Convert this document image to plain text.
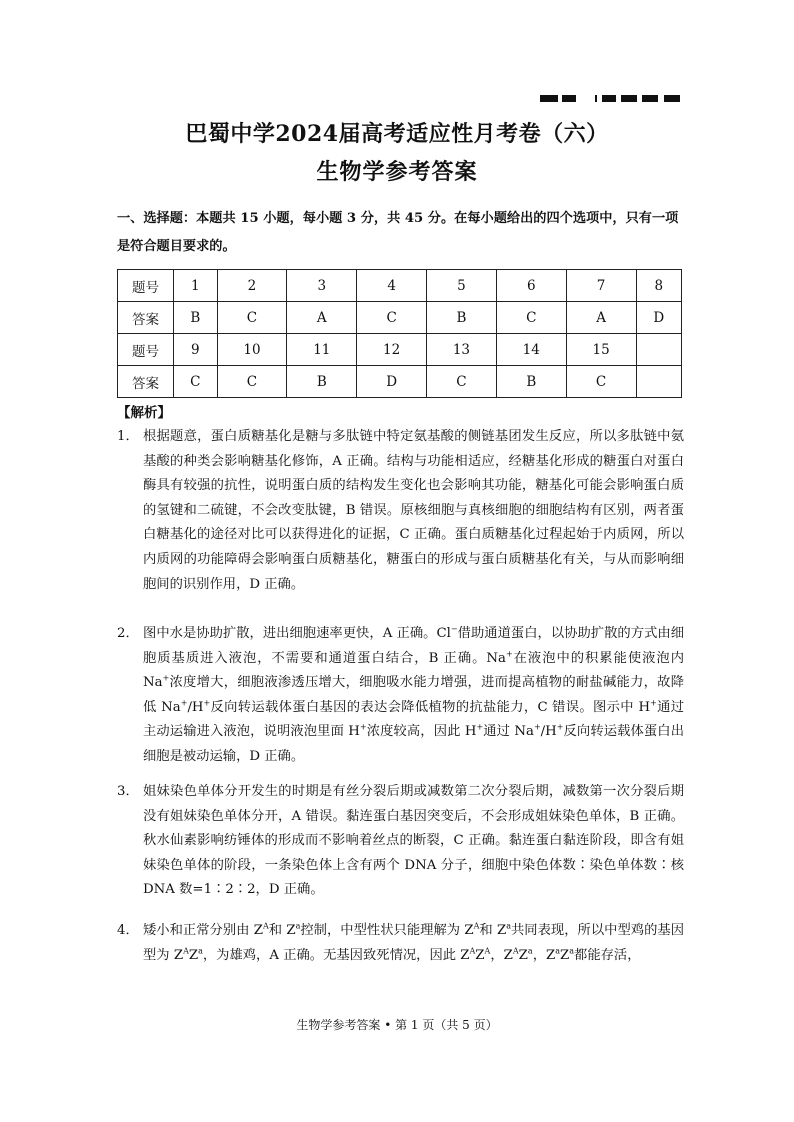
巴蜀中学2024届高考适应性月考卷（六）
生物学参考答案
一、选择题：本题共 15 小题，每小题 3 分，共 45 分。在每小题给出的四个选项中，只有一项是符合题目要求的。
题号	1	2	3	4	5	6	7	8
答案	B	C	A	C	B	C	A	D
题号	9	10	11	12	13	14	15	
答案	C	C	B	D	C	B	C	
【解析】
1． 根据题意，蛋白质糖基化是糖与多肽链中特定氨基酸的侧链基团发生反应，所以多肽链中氨基酸的种类会影响糖基化修饰，A 正确。结构与功能相适应，经糖基化形成的糖蛋白对蛋白酶具有较强的抗性，说明蛋白质的结构发生变化也会影响其功能，糖基化可能会影响蛋白质的氢键和二硫键，不会改变肽键，B 错误。原核细胞与真核细胞的细胞结构有区别，两者蛋白糖基化的途径对比可以获得进化的证据，C 正确。蛋白质糖基化过程起始于内质网，所以内质网的功能障碍会影响蛋白质糖基化，糖蛋白的形成与蛋白质糖基化有关，与从而影响细胞间的识别作用，D 正确。

2． 图中水是协助扩散，进出细胞速率更快，A 正确。Cl−借助通道蛋白，以协助扩散的方式由细胞质基质进入液泡，不需要和通道蛋白结合，B 正确。Na+在液泡中的积累能使液泡内Na+浓度增大，细胞液渗透压增大，细胞吸水能力增强，进而提高植物的耐盐碱能力，故降低 Na+/H+反向转运载体蛋白基因的表达会降低植物的抗盐能力，C 错误。图示中 H+通过主动运输进入液泡，说明液泡里面 H+浓度较高，因此 H+通过 Na+/H+反向转运载体蛋白出细胞是被动运输，D 正确。

3． 姐妹染色单体分开发生的时期是有丝分裂后期或减数第二次分裂后期，减数第一次分裂后期没有姐妹染色单体分开，A 错误。黏连蛋白基因突变后，不会形成姐妹染色单体，B 正确。秋水仙素影响纺锤体的形成而不影响着丝点的断裂，C 正确。黏连蛋白黏连阶段，即含有姐妹染色单体的阶段，一条染色体上含有两个 DNA 分子，细胞中染色体数∶染色单体数∶核 DNA 数=1∶2∶2，D 正确。

4． 矮小和正常分别由 $Z^A$和 $Z^a$控制，中型性状只能理解为 $Z^A$和 $Z^a$共同表现，所以中型鸡的基因型为 $Z^AZ^a$，为雄鸡，A 正确。无基因致死情况，因此 $Z^AZ^A$，$Z^AZ^a$，$Z^aZ^a$都能存活，

生物学参考答案 • 第 1 页（共 5 页）
